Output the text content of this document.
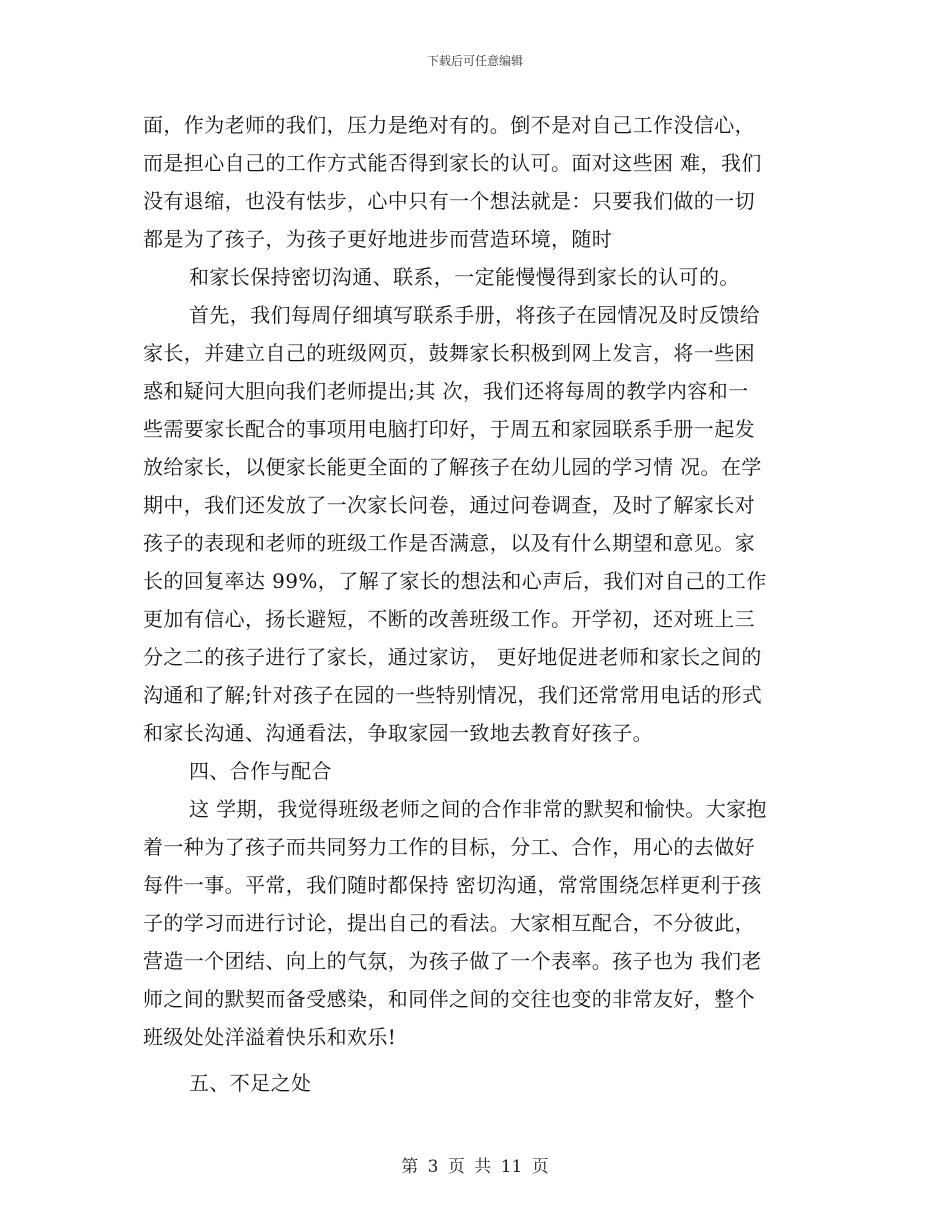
下载后可任意编辑
面，作为老师的我们，压力是绝对有的。倒不是对自己工作没信心，
而是担心自己的工作方式能否得到家长的认可。面对这些困 难，我们
没有退缩，也没有怯步，心中只有一个想法就是：只要我们做的一切
都是为了孩子，为孩子更好地进步而营造环境，随时
和家长保持密切沟通、联系，一定能慢慢得到家长的认可的。
首先，我们每周仔细填写联系手册，将孩子在园情况及时反馈给
家长，并建立自己的班级网页，鼓舞家长积极到网上发言，将一些困
惑和疑问大胆向我们老师提出;其 次，我们还将每周的教学内容和一
些需要家长配合的事项用电脑打印好，于周五和家园联系手册一起发
放给家长，以便家长能更全面的了解孩子在幼儿园的学习情 况。在学
期中，我们还发放了一次家长问卷，通过问卷调查，及时了解家长对
孩子的表现和老师的班级工作是否满意，以及有什么期望和意见。家
长的回复率达 99%，了解了家长的想法和心声后，我们对自己的工作
更加有信心，扬长避短，不断的改善班级工作。开学初，还对班上三
分之二的孩子进行了家长，通过家访， 更好地促进老师和家长之间的
沟通和了解;针对孩子在园的一些特别情况，我们还常常用电话的形式
和家长沟通、沟通看法，争取家园一致地去教育好孩子。
四、合作与配合
这 学期，我觉得班级老师之间的合作非常的默契和愉快。大家抱
着一种为了孩子而共同努力工作的目标，分工、合作，用心的去做好
每件一事。平常，我们随时都保持 密切沟通，常常围绕怎样更利于孩
子的学习而进行讨论，提出自己的看法。大家相互配合，不分彼此，
营造一个团结、向上的气氛，为孩子做了一个表率。孩子也为 我们老
师之间的默契而备受感染，和同伴之间的交往也变的非常友好，整个
班级处处洋溢着快乐和欢乐!
五、不足之处
第 3 页 共 11 页
